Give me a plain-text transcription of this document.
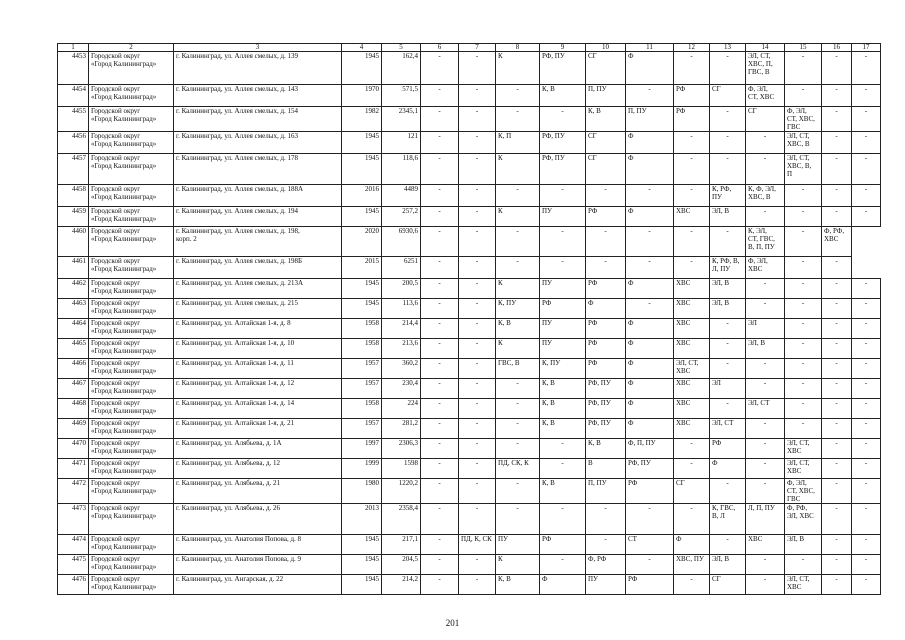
1	2	3	4	5	6	7	8	9	10	11	12	13	14	15	16	17
4453	Городской округ
«Город Калининград»	г. Калининград, ул. Аллея смелых, д. 139	1945	162,4	-	-	К	РФ, ПУ	СГ	Ф	-	-	ЭЛ, СТ,
ХВС, П,
ГВС, В	-	-	-
4454	Городской округ
«Город Калининград»	г. Калининград, ул. Аллея смелых, д. 143	1970	571,5	-	-	-	К, В	П, ПУ	-	РФ	СГ	Ф, ЭЛ,
СТ, ХВС	-	-	-
4455	Городской округ
«Город Калининград»	г. Калининград, ул. Аллея смелых, д. 154	1982	2345,1	-	-	-	-	К, В	П, ПУ	РФ	-	СГ	Ф, ЭЛ,
СТ, ХВС,
ГВС	-	-
4456	Городской округ
«Город Калининград»	г. Калининград, ул. Аллея смелых, д. 163	1945	121	-	-	К, П	РФ, ПУ	СГ	Ф	-	-	-	ЭЛ, СТ,
ХВС, В	-	-
4457	Городской округ
«Город Калининград»	г. Калининград, ул. Аллея смелых, д. 178	1945	118,6	-	-	К	РФ, ПУ	СГ	Ф	-	-	-	ЭЛ, СТ,
ХВС, В,
П	-	-
4458	Городской округ
«Город Калининград»	г. Калининград, ул. Аллея смелых, д. 188А	2016	4489	-	-	-	-	-	-	-	К, РФ,
ПУ	К, Ф, ЭЛ,
ХВС, В	-	-	-
4459	Городской округ
«Город Калининград»	г. Калининград, ул. Аллея смелых, д. 194	1945	257,2	-	-	К	ПУ	РФ	Ф	ХВС	ЭЛ, В	-	-	-	-
4460	Городской округ
«Город Калининград»	г. Калининград, ул. Аллея смелых, д. 198,
корп. 2	2020	6930,6	-	-	-	-	-	-	-	-	К, ЭЛ,
СТ, ГВС,
В, П, ПУ	-	Ф, РФ,
ХВС	
4461	Городской округ
«Город Калининград»	г. Калининград, ул. Аллея смелых, д. 198Б	2015	6251	-	-	-	-	-	-	-	К, РФ, В,
Л, ПУ	Ф, ЭЛ,
ХВС	-	-	
4462	Городской округ
«Город Калининград»	г. Калининград, ул. Аллея смелых, д. 213А	1945	200,5	-	-	К	ПУ	РФ	Ф	ХВС	ЭЛ, В	-	-	-	-
4463	Городской округ
«Город Калининград»	г. Калининград, ул. Аллея смелых, д. 215	1945	113,6	-	-	К, ПУ	РФ	Ф	-	ХВС	ЭЛ, В	-	-	-	-
4464	Городской округ
«Город Калининград»	г. Калининград, ул. Алтайская 1-я, д. 8	1958	214,4	-	-	К, В	ПУ	РФ	Ф	ХВС	-	ЭЛ	-	-	-
4465	Городской округ
«Город Калининград»	г. Калининград, ул. Алтайская 1-я, д. 10	1958	213,6	-	-	К	ПУ	РФ	Ф	ХВС	-	ЭЛ, В	-	-	-
4466	Городской округ
«Город Калининград»	г. Калининград, ул. Алтайская 1-я, д. 11	1957	360,2	-	-	ГВС, В	К, ПУ	РФ	Ф	ЭЛ, СТ,
ХВС	-	-	-	-	-
4467	Городской округ
«Город Калининград»	г. Калининград, ул. Алтайская 1-я, д. 12	1957	230,4	-	-	-	К, В	РФ, ПУ	Ф	ХВС	ЭЛ	-	-	-	-
4468	Городской округ
«Город Калининград»	г. Калининград, ул. Алтайская 1-я, д. 14	1958	224	-	-	-	К, В	РФ, ПУ	Ф	ХВС	-	ЭЛ, СТ	-	-	-
4469	Городской округ
«Город Калининград»	г. Калининград, ул. Алтайская 1-я, д. 21	1957	281,2	-	-	-	К, В	РФ, ПУ	Ф	ХВС	ЭЛ, СТ	-	-	-	-
4470	Городской округ
«Город Калининград»	г. Калининград, ул. Алябьева, д. 1А	1997	2306,3	-	-	-	-	К, В	Ф, П, ПУ	-	РФ	-	ЭЛ, СТ,
ХВС	-	-
4471	Городской округ
«Город Калининград»	г. Калининград, ул. Алябьева, д. 12	1999	1598	-	-	ПД, СК, К	-	В	РФ, ПУ	-	Ф	-	ЭЛ, СТ,
ХВС	-	-
4472	Городской округ
«Город Калининград»	г. Калининград, ул. Алябьева, д. 21	1980	1220,2	-	-	-	К, В	П, ПУ	РФ	СГ	-	-	Ф, ЭЛ,
СТ, ХВС,
ГВС	-	-
4473	Городской округ
«Город Калининград»	г. Калининград, ул. Алябьева, д. 26	2013	2358,4	-	-	-	-	-	-	-	К, ГВС,
В, Л	Л, П, ПУ	Ф, РФ,
ЭЛ, ХВС	-	-
4474	Городской округ
«Город Калининград»	г. Калининград, ул. Анатолия Попова, д. 8	1945	217,1	-	ПД, К, СК	ПУ	РФ	-	СТ	Ф	-	ХВС	ЭЛ, В	-	-
4475	Городской округ
«Город Калининград»	г. Калининград, ул. Анатолия Попова, д. 9	1945	204,5	-	-	К	-	Ф, РФ	-	ХВС, ПУ	ЭЛ, В	-	-	-	-
4476	Городской округ
«Город Калининград»	г. Калининград, ул. Ангарская, д. 22	1945	214,2	-	-	К, В	Ф	ПУ	РФ	-	СГ	-	ЭЛ, СТ,
ХВС	-	-
201
